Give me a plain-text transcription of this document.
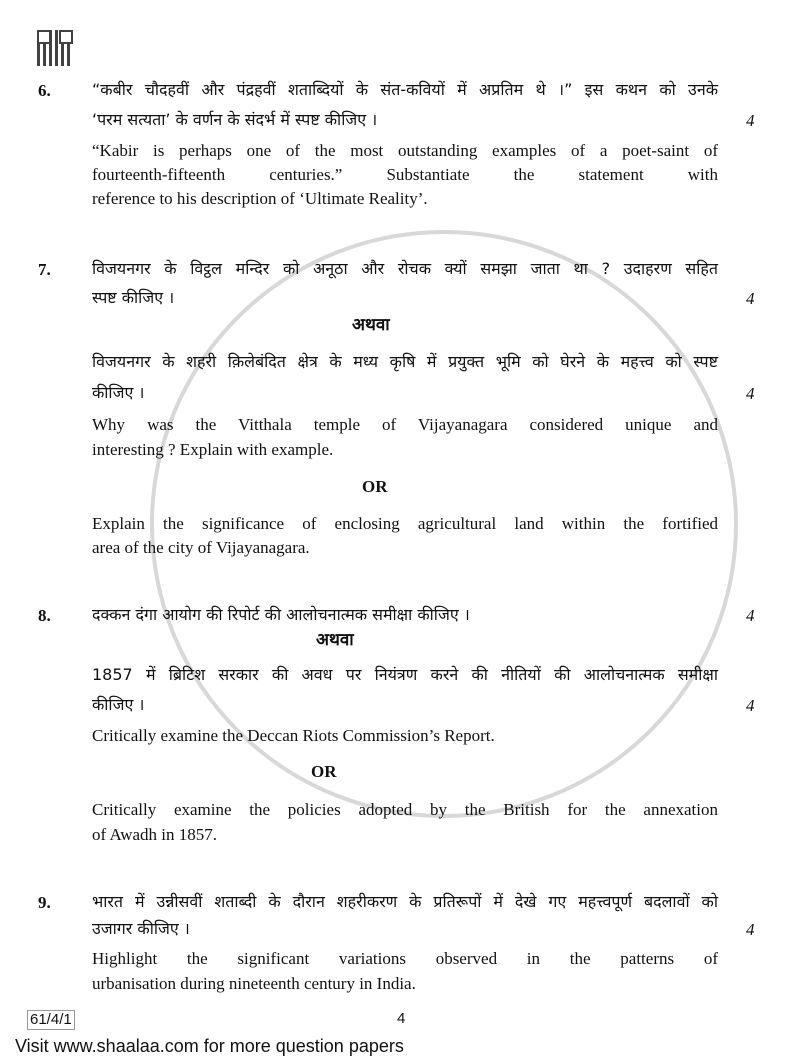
6.	“कबीर चौदहवीं और पंद्रहवीं शताब्दियों के संत-कवियों में अप्रतिम थे ।” इस कथन को उनके
‘परम सत्यता’ के वर्णन के संदर्भ में स्पष्ट कीजिए ।	4
“Kabir is perhaps one of the most outstanding examples of a poet-saint of
fourteenth-fifteenth centuries.” Substantiate the statement with
reference to his description of ‘Ultimate Reality’.
7.	विजयनगर के विट्ठल मन्दिर को अनूठा और रोचक क्यों समझा जाता था ? उदाहरण सहित
स्पष्ट कीजिए ।	4
अथवा
विजयनगर के शहरी क़िलेबंदित क्षेत्र के मध्य कृषि में प्रयुक्त भूमि को घेरने के महत्त्व को स्पष्ट
कीजिए ।	4
Why was the Vitthala temple of Vijayanagara considered unique and
interesting ? Explain with example.
OR
Explain the significance of enclosing agricultural land within the fortified
area of the city of Vijayanagara.
8.	दक्कन दंगा आयोग की रिपोर्ट की आलोचनात्मक समीक्षा कीजिए ।	4
अथवा
1857 में ब्रिटिश सरकार की अवध पर नियंत्रण करने की नीतियों की आलोचनात्मक समीक्षा
कीजिए ।	4
Critically examine the Deccan Riots Commission’s Report.
OR
Critically examine the policies adopted by the British for the annexation
of Awadh in 1857.
9.	भारत में उन्नीसवीं शताब्दी के दौरान शहरीकरण के प्रतिरूपों में देखे गए महत्त्वपूर्ण बदलावों को
उजागर कीजिए ।	4
Highlight the significant variations observed in the patterns of
urbanisation during nineteenth century in India.
61/4/1	4
Visit www.shaalaa.com for more question papers
